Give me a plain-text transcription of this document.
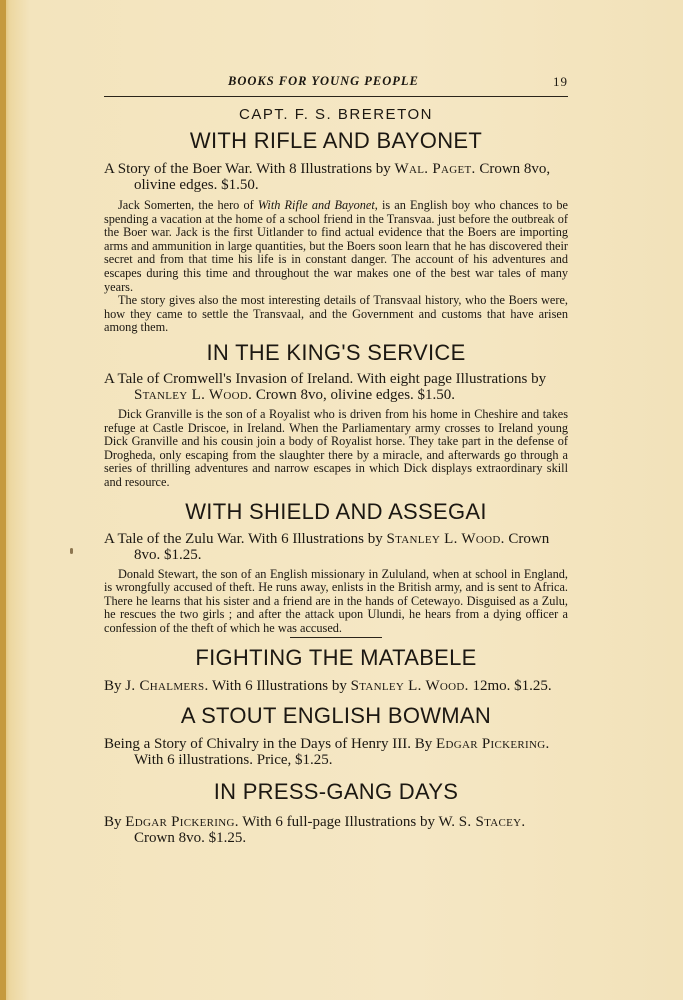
BOOKS FOR YOUNG PEOPLE	19

CAPT. F. S. BRERETON

WITH RIFLE AND BAYONET

A Story of the Boer War. With 8 Illustrations by Wal. Paget. Crown 8vo, olivine edges. $1.50.

Jack Somerten, the hero of With Rifle and Bayonet, is an English boy who chances to be spending a vacation at the home of a school friend in the Transvaa. just before the outbreak of the Boer war. Jack is the first Uitlander to find actual evidence that the Boers are importing arms and ammunition in large quantities, but the Boers soon learn that he has discovered their secret and from that time his life is in constant danger. The account of his adventures and escapes during this time and throughout the war makes one of the best war tales of many years.

The story gives also the most interesting details of Transvaal history, who the Boers were, how they came to settle the Transvaal, and the Government and customs that have arisen among them.

IN THE KING'S SERVICE

A Tale of Cromwell's Invasion of Ireland. With eight page Illustrations by Stanley L. Wood. Crown 8vo, olivine edges. $1.50.

Dick Granville is the son of a Royalist who is driven from his home in Cheshire and takes refuge at Castle Driscoe, in Ireland. When the Parliamentary army crosses to Ireland young Dick Granville and his cousin join a body of Royalist horse. They take part in the defense of Drogheda, only escaping from the slaughter there by a miracle, and afterwards go through a series of thrilling adventures and narrow escapes in which Dick displays extraordinary skill and resource.

WITH SHIELD AND ASSEGAI

A Tale of the Zulu War. With 6 Illustrations by Stanley L. Wood. Crown 8vo. $1.25.

Donald Stewart, the son of an English missionary in Zululand, when at school in England, is wrongfully accused of theft. He runs away, enlists in the British army, and is sent to Africa. There he learns that his sister and a friend are in the hands of Cetewayo. Disguised as a Zulu, he rescues the two girls ; and after the attack upon Ulundi, he hears from a dying officer a confession of the theft of which he was accused.

FIGHTING THE MATABELE

By J. Chalmers. With 6 Illustrations by Stanley L. Wood. 12mo. $1.25.

A STOUT ENGLISH BOWMAN

Being a Story of Chivalry in the Days of Henry III. By Edgar Pickering. With 6 illustrations. Price, $1.25.

IN PRESS-GANG DAYS

By Edgar Pickering. With 6 full-page Illustrations by W. S. Stacey. Crown 8vo. $1.25.
